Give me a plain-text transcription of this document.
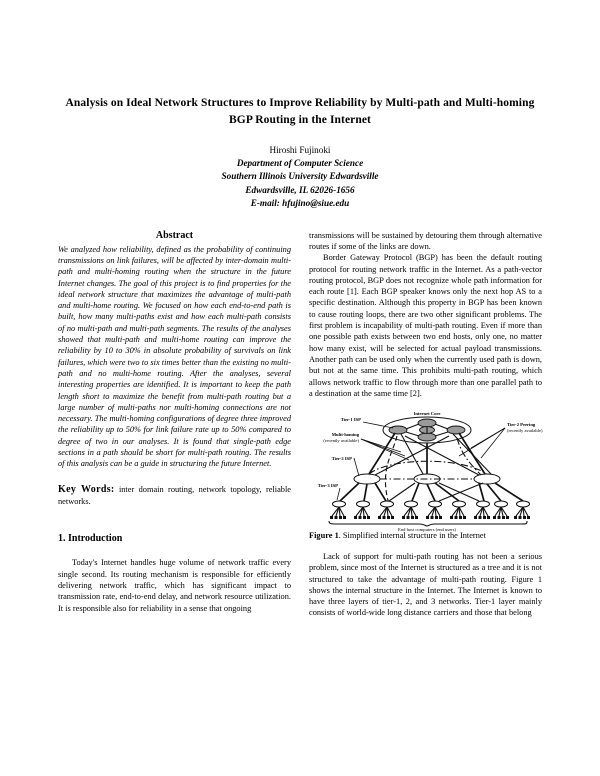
Analysis on Ideal Network Structures to Improve Reliability by Multi-path and Multi-homing BGP Routing in the Internet
Hiroshi Fujinoki
Department of Computer Science
Southern Illinois University Edwardsville
Edwardsville, IL 62026-1656
E-mail: hfujino@siue.edu
Abstract

We analyzed how reliability, defined as the probability of continuing transmissions on link failures, will be affected by inter-domain multi-path and multi-homing routing when the structure in the future Internet changes. The goal of this project is to find properties for the ideal network structure that maximizes the advantage of multi-path and multi-home routing. We focused on how each end-to-end path is built, how many multi-paths exist and how each multi-path consists of no multi-path and multi-path segments. The results of the analyses showed that multi-path and multi-home routing can improve the reliability by 10 to 30% in absolute probability of survivals on link failures, which were two to six times better than the existing no multi-path and no multi-home routing. After the analyses, several interesting properties are identified. It is important to keep the path length short to maximize the benefit from multi-path routing but a large number of multi-paths nor multi-homing connections are not necessary. The multi-homing configurations of degree three improved the reliability up to 50% for link failure rate up to 50% compared to degree of two in our analyses. It is found that single-path edge sections in a path should be short for multi-path routing. The results of this analysis can be a guide in structuring the future Internet.

Key Words: inter domain routing, network topology, reliable networks.
1. Introduction

Today's Internet handles huge volume of network traffic every single second. Its routing mechanism is responsible for efficiently delivering network traffic, which has significant impact to transmission rate, end-to-end delay, and network resource utilization. It is responsible also for reliability in a sense that ongoing

transmissions will be sustained by detouring them through alternative routes if some of the links are down.

Border Gateway Protocol (BGP) has been the default routing protocol for routing network traffic in the Internet. As a path-vector routing protocol, BGP does not recognize whole path information for each route [1]. Each BGP speaker knows only the next hop AS to a specific destination. Although this property in BGP has been known to cause routing loops, there are two other significant problems. The first problem is incapability of multi-path routing. Even if more than one possible path exists between two end hosts, only one, no matter how many exist, will be selected for actual payload transmissions. Another path can be used only when the currently used path is down, but not at the same time. This prohibits multi-path routing, which allows network traffic to flow through more than one parallel path to a destination at the same time [2].

Internet Core
Tier-1 ISP
Multi-homing
(recently available)
Tier-2 ISP
Tier-3 ISP
Tier-2 Peering
(recently available)
End host computers (end users)
Figure 1. Simplified internal structure in the Internet

Lack of support for multi-path routing has not been a serious problem, since most of the Internet is structured as a tree and it is not structured to take the advantage of multi-path routing. Figure 1 shows the internal structure in the Internet. The Internet is known to have three layers of tier-1, 2, and 3 networks. Tier-1 layer mainly consists of world-wide long distance carriers and those that belong
